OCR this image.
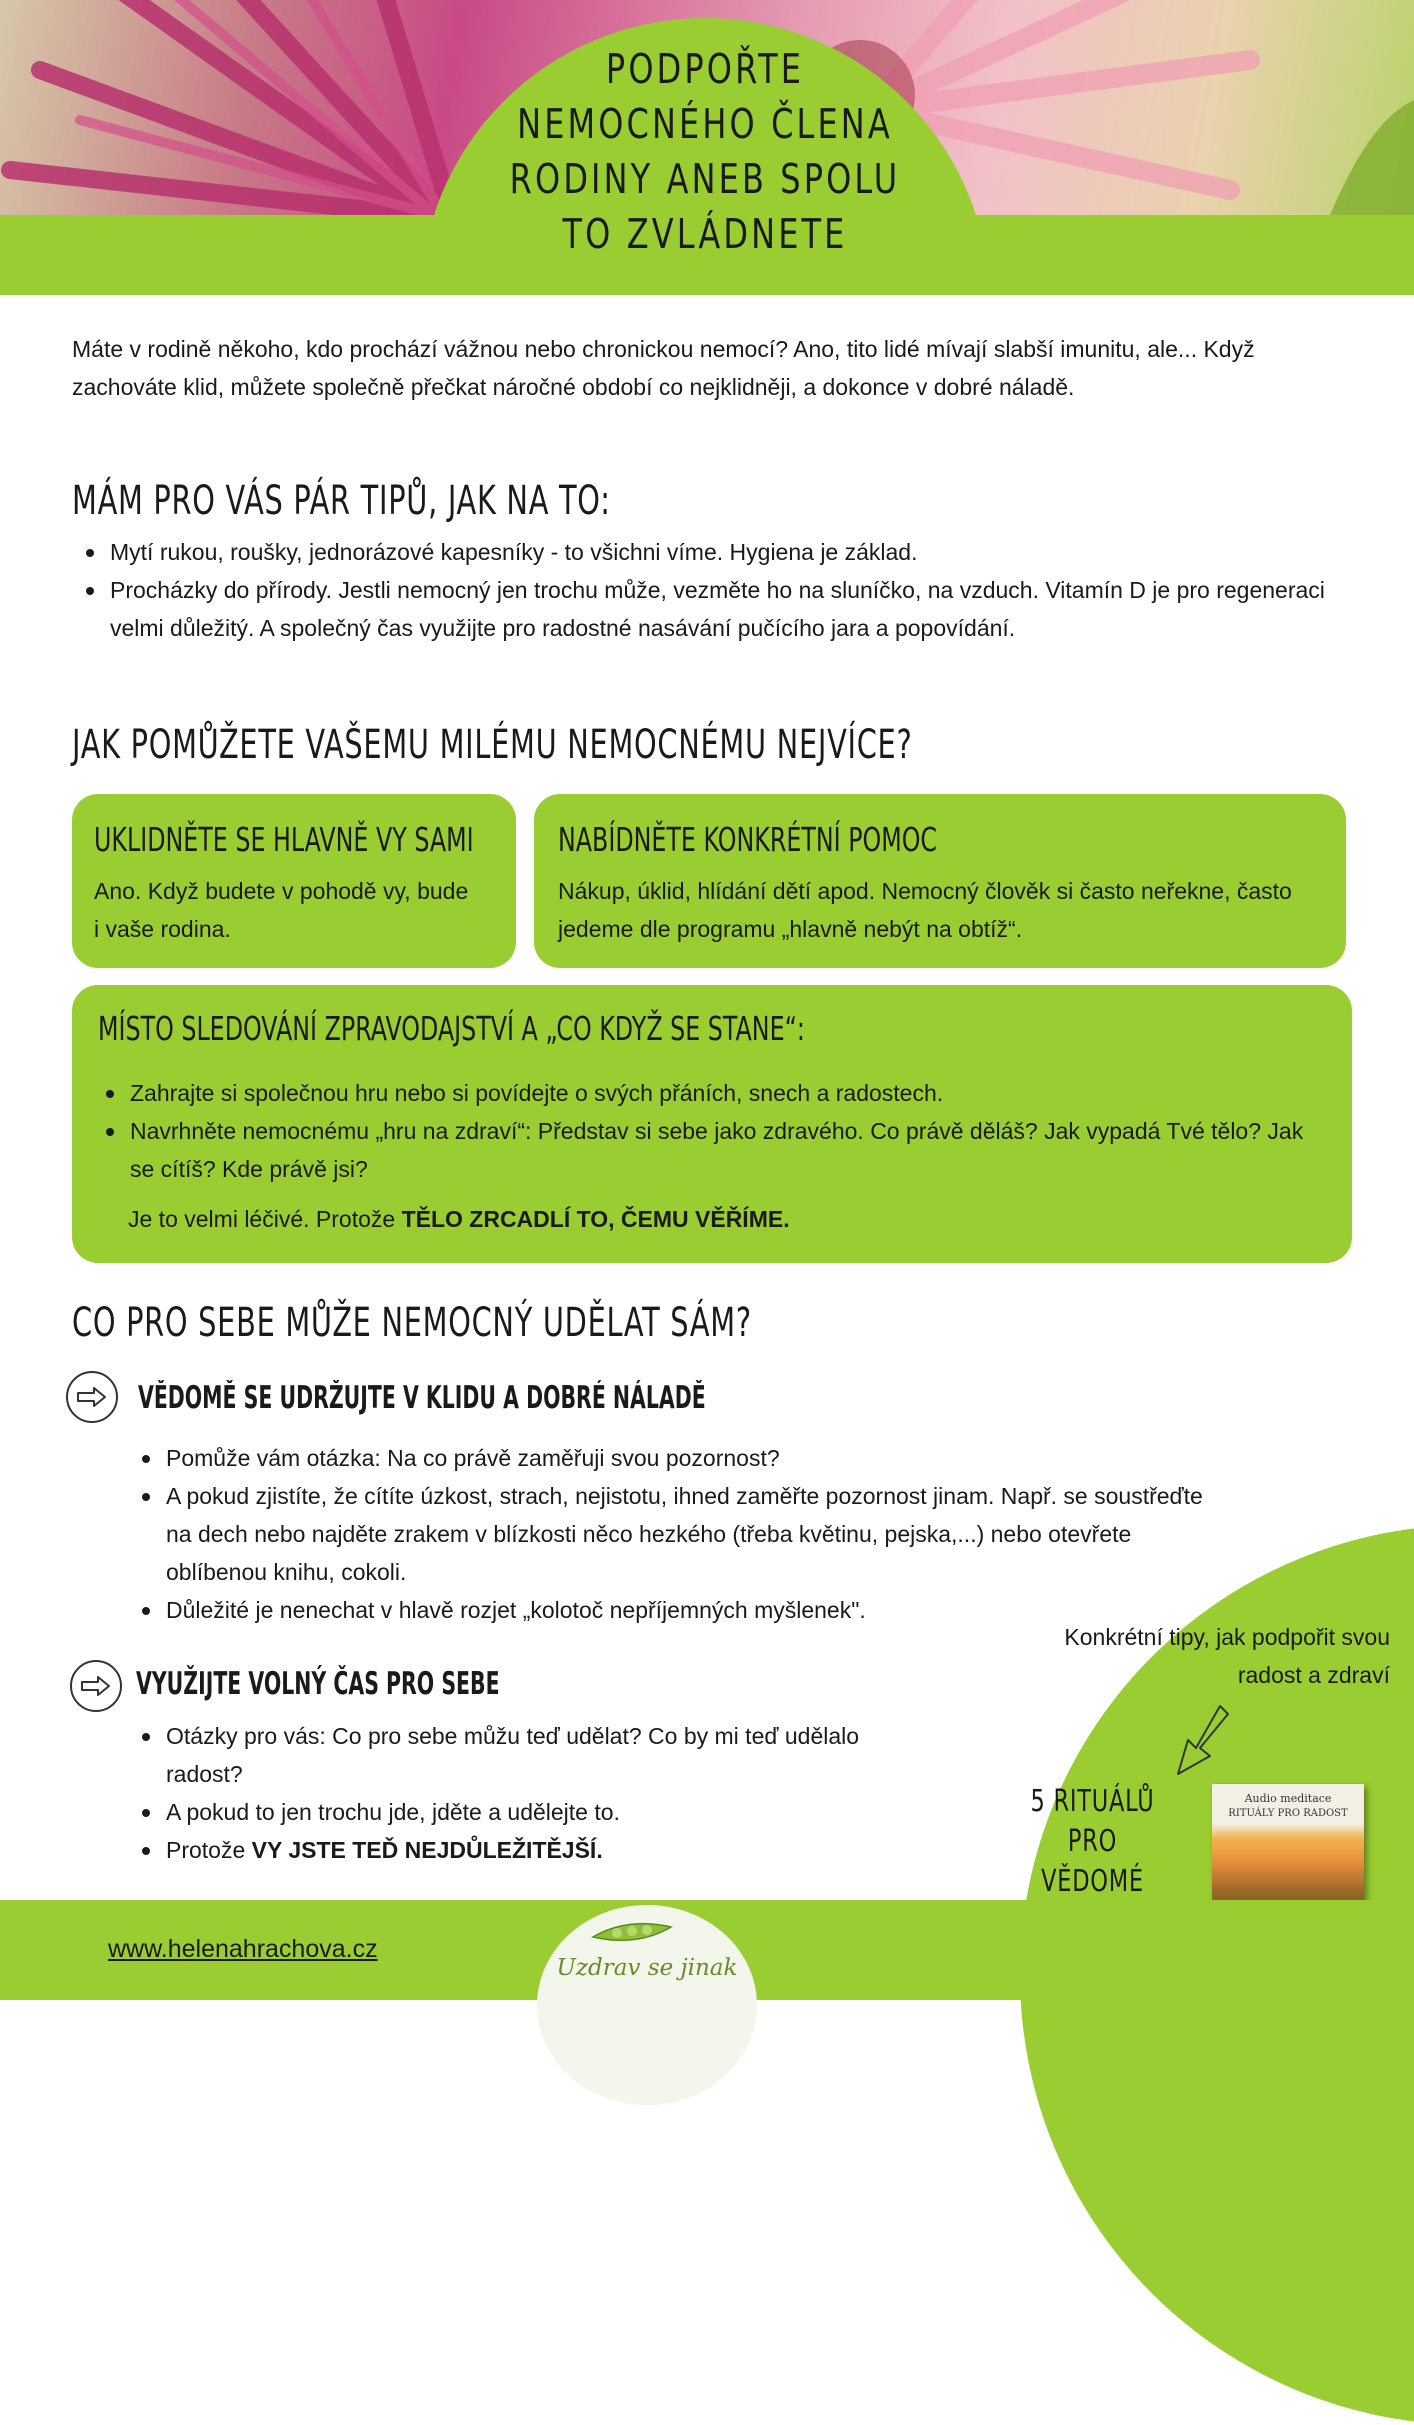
PODPOŘTE
NEMOCNÉHO ČLENA
RODINY ANEB SPOLU
TO ZVLÁDNETE

Máte v rodině někoho, kdo prochází vážnou nebo chronickou nemocí? Ano, tito lidé mívají slabší imunitu, ale... Když zachováte klid, můžete společně přečkat náročné období co nejklidněji, a dokonce v dobré náladě.

MÁM PRO VÁS PÁR TIPŮ, JAK NA TO:
Mytí rukou, roušky, jednorázové kapesníky - to všichni víme. Hygiena je základ.
Procházky do přírody. Jestli nemocný jen trochu může, vezměte ho na sluníčko, na vzduch. Vitamín D je pro regeneraci velmi důležitý. A společný čas využijte pro radostné nasávání pučícího jara a popovídání.
JAK POMŮŽETE VAŠEMU MILÉMU NEMOCNÉMU NEJVÍCE?
UKLIDNĚTE SE HLAVNĚ VY SAMI
Ano. Když budete v pohodě vy, bude i vaše rodina.
NABÍDNĚTE KONKRÉTNÍ POMOC
Nákup, úklid, hlídání dětí apod. Nemocný člověk si často neřekne, často jedeme dle programu „hlavně nebýt na obtíž“.
MÍSTO SLEDOVÁNÍ ZPRAVODAJSTVÍ A „CO KDYŽ SE STANE“:
Zahrajte si společnou hru nebo si povídejte o svých přáních, snech a radostech.
Navrhněte nemocnému „hru na zdraví“: Představ si sebe jako zdravého. Co právě děláš? Jak vypadá Tvé tělo? Jak se cítíš? Kde právě jsi?
Je to velmi léčivé. Protože TĚLO ZRCADLÍ TO, ČEMU VĚŘÍME.
CO PRO SEBE MŮŽE NEMOCNÝ UDĚLAT SÁM?
VĚDOMĚ SE UDRŽUJTE V KLIDU A DOBRÉ NÁLADĚ
Pomůže vám otázka: Na co právě zaměřuji svou pozornost?
A pokud zjistíte, že cítíte úzkost, strach, nejistotu, ihned zaměřte pozornost jinam. Např. se soustřeďte na dech nebo najděte zrakem v blízkosti něco hezkého (třeba květinu, pejska,...) nebo otevřete oblíbenou knihu, cokoli.
Důležité je nenechat v hlavě rozjet „kolotoč nepříjemných myšlenek".
VYUŽIJTE VOLNÝ ČAS PRO SEBE
Otázky pro vás: Co pro sebe můžu teď udělat? Co by mi teď udělalo radost?
A pokud to jen trochu jde, jděte a udělejte to.
Protože VY JSTE TEĎ NEJDŮLEŽITĚJŠÍ.
Konkrétní tipy, jak podpořit svou radost a zdraví
5 RITUÁLŮ PRO VĚDOMÉ
Audio meditace
RITUÁLY PRO RADOST
Uzdrav se jinak
www.helenahrachova.cz
